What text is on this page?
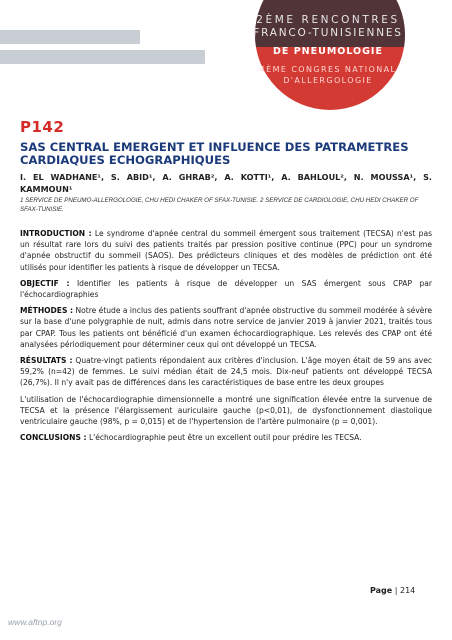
2ÈME RENCONTRES
FRANCO-TUNISIENNES
DE PNEUMOLOGIE
4ÈME CONGRES NATIONAL
D'ALLERGOLOGIE
P142
SAS CENTRAL EMERGENT ET INFLUENCE DES PATRAMETRES CARDIAQUES ECHOGRAPHIQUES
I. EL WADHANE¹, S. ABID¹, A. GHRAB², A. KOTTI¹, A. BAHLOUL², N. MOUSSA¹, S. KAMMOUN¹
1 SERVICE DE PNEUMO-ALLERGOLOGIE, CHU HEDI CHAKER OF SFAX-TUNISIE. 2 SERVICE DE CARDIOLOGIE, CHU HEDI CHAKER OF SFAX-TUNISIE.

INTRODUCTION : Le syndrome d'apnée central du sommeil émergent sous traitement (TECSA) n'est pas un résultat rare lors du suivi des patients traités par pression positive continue (PPC) pour un syndrome d'apnée obstructif du sommeil (SAOS). Des prédicteurs cliniques et des modèles de prédiction ont été utilisés pour identifier les patients à risque de développer un TECSA.

OBJECTIF : Identifier les patients à risque de développer un SAS émergent sous CPAP par l'échocardiographies

MÉTHODES : Notre étude a inclus des patients souffrant d'apnée obstructive du sommeil modérée à sévère sur la base d'une polygraphie de nuit, admis dans notre service de janvier 2019 à janvier 2021, traités tous par CPAP. Tous les patients ont bénéficié d'un examen échocardiographique. Les relevés des CPAP ont été analysées périodiquement pour déterminer ceux qui ont développé un TECSA.

RÉSULTATS : Quatre-vingt patients répondaient aux critères d'inclusion. L'âge moyen était de 59 ans avec 59,2% (n=42) de femmes. Le suivi médian était de 24,5 mois. Dix-neuf patients ont développé TECSA (26,7%). Il n'y avait pas de différences dans les caractéristiques de base entre les deux groupes

L'utilisation de l'échocardiographie dimensionnelle a montré une signification élevée entre la survenue de TECSA et la présence l'élargissement auriculaire gauche (p<0,01), de dysfonctionnement diastolique ventriculaire gauche (98%, p = 0,015) et de l'hypertension de l'artère pulmonaire (p = 0,001).

CONCLUSIONS : L'échocardiographie peut être un excellent outil pour prédire les TECSA.

Page | 214
www.aftnp.org
